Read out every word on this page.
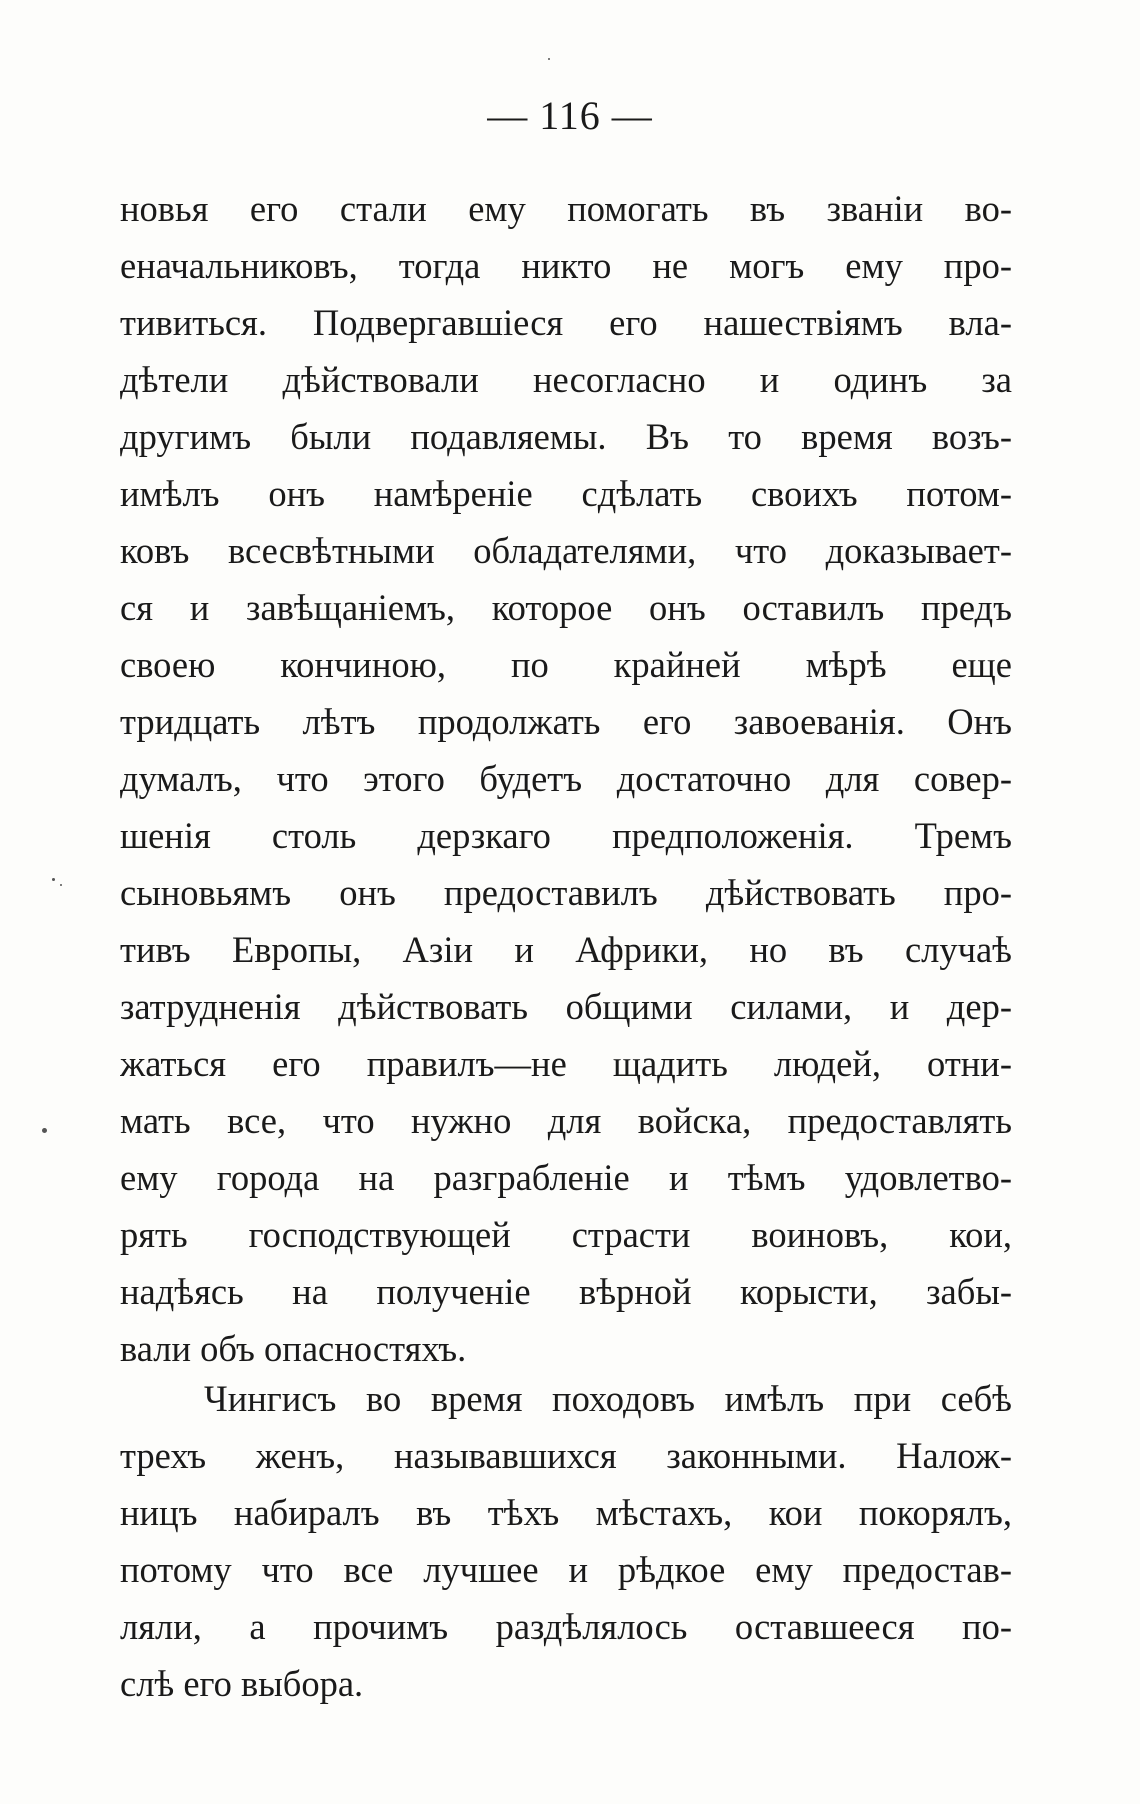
— 116 —
новья его стали ему помогать въ званіи во-
еначальниковъ, тогда никто не могъ ему про-
тивиться. Подвергавшіеся его нашествіямъ вла-
дѣтели дѣйствовали несогласно и одинъ за
другимъ были подавляемы. Въ то время возъ-
имѣлъ онъ намѣреніе сдѣлать своихъ потом-
ковъ всесвѣтными обладателями, что доказывает-
ся и завѣщаніемъ, которое онъ оставилъ предъ
своею кончиною, по крайней мѣрѣ еще
тридцать лѣтъ продолжать его завоеванія. Онъ
думалъ, что этого будетъ достаточно для совер-
шенія столь дерзкаго предположенія. Тремъ
сыновьямъ онъ предоставилъ дѣйствовать про-
тивъ Европы, Азіи и Африки, но въ случаѣ
затрудненія дѣйствовать общими силами, и дер-
жаться его правилъ—не щадить людей, отни-
мать все, что нужно для войска, предоставлять
ему города на разграбленіе и тѣмъ удовлетво-
рять господствующей страсти воиновъ, кои,
надѣясь на полученіе вѣрной корысти, забы-
вали объ опасностяхъ.
Чингисъ во время походовъ имѣлъ при себѣ
трехъ женъ, называвшихся законными. Налож-
ницъ набиралъ въ тѣхъ мѣстахъ, кои покорялъ,
потому что все лучшее и рѣдкое ему предостав-
ляли, а прочимъ раздѣлялось оставшееся по-
слѣ его выбора.
